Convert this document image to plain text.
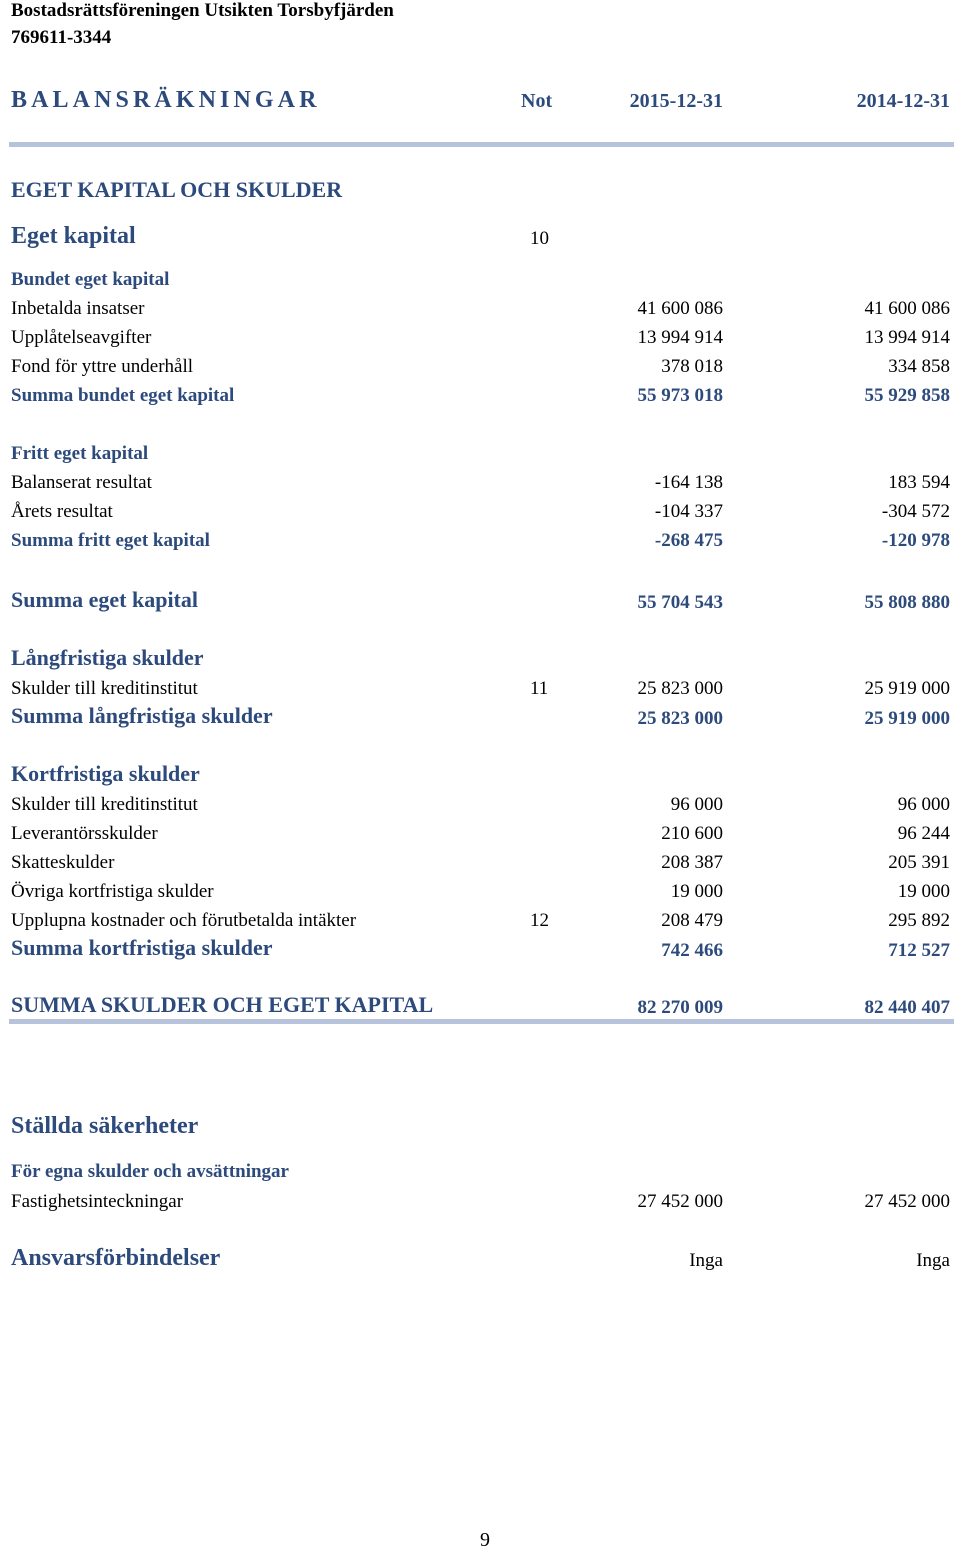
Bostadsrättsföreningen Utsikten Torsbyfjärden
769611-3344
BALANSRÄKNINGAR	Not	2015-12-31	2014-12-31
EGET KAPITAL OCH SKULDER
Eget kapital	10
Bundet eget kapital
Inbetalda insatser	41 600 086	41 600 086
Upplåtelseavgifter	13 994 914	13 994 914
Fond för yttre underhåll	378 018	334 858
Summa bundet eget kapital	55 973 018	55 929 858
Fritt eget kapital
Balanserat resultat	-164 138	183 594
Årets resultat	-104 337	-304 572
Summa fritt eget kapital	-268 475	-120 978
Summa eget kapital	55 704 543	55 808 880
Långfristiga skulder
Skulder till kreditinstitut	11	25 823 000	25 919 000
Summa långfristiga skulder	25 823 000	25 919 000
Kortfristiga skulder
Skulder till kreditinstitut	96 000	96 000
Leverantörsskulder	210 600	96 244
Skatteskulder	208 387	205 391
Övriga kortfristiga skulder	19 000	19 000
Upplupna kostnader och förutbetalda intäkter	12	208 479	295 892
Summa kortfristiga skulder	742 466	712 527
SUMMA SKULDER OCH EGET KAPITAL	82 270 009	82 440 407
Ställda säkerheter
För egna skulder och avsättningar
Fastighetsinteckningar	27 452 000	27 452 000
Ansvarsförbindelser	Inga	Inga
9
